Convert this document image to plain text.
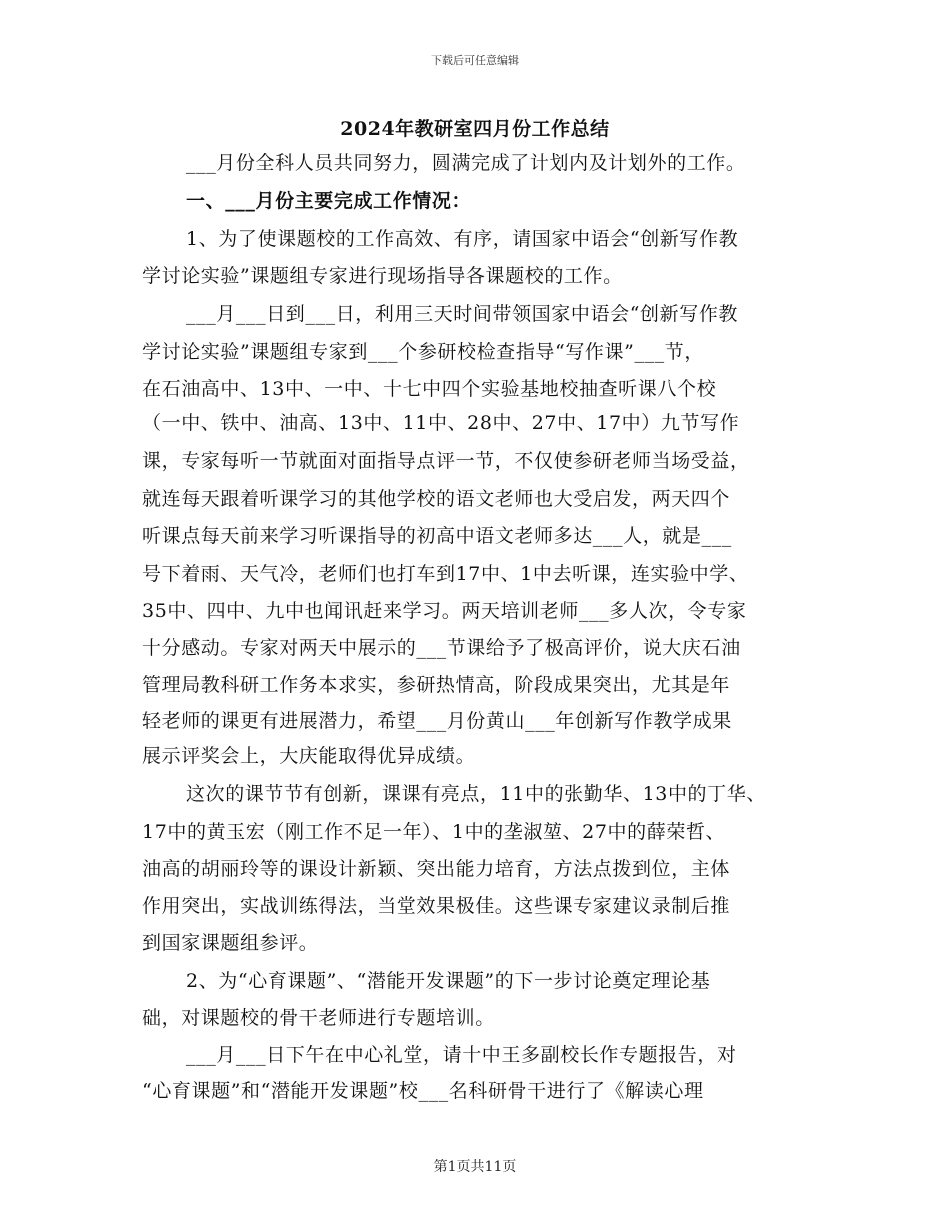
下载后可任意编辑
2024年教研室四月份工作总结
___月份全科人员共同努力，圆满完成了计划内及计划外的工作。
一、___月份主要完成工作情况：
1、为了使课题校的工作高效、有序，请国家中语会“创新写作教
学讨论实验”课题组专家进行现场指导各课题校的工作。
___月___日到___日，利用三天时间带领国家中语会“创新写作教
学讨论实验”课题组专家到___个参研校检查指导“写作课”___节，
在石油高中、13中、一中、十七中四个实验基地校抽查听课八个校
（一中、铁中、油高、13中、11中、28中、27中、17中）九节写作
课，专家每听一节就面对面指导点评一节，不仅使参研老师当场受益，
就连每天跟着听课学习的其他学校的语文老师也大受启发，两天四个
听课点每天前来学习听课指导的初高中语文老师多达___人，就是___
号下着雨、天气冷，老师们也打车到17中、1中去听课，连实验中学、
35中、四中、九中也闻讯赶来学习。两天培训老师___多人次，令专家
十分感动。专家对两天中展示的___节课给予了极高评价，说大庆石油
管理局教科研工作务本求实，参研热情高，阶段成果突出，尤其是年
轻老师的课更有进展潜力，希望___月份黄山___年创新写作教学成果
展示评奖会上，大庆能取得优异成绩。
这次的课节节有创新，课课有亮点，11中的张勤华、13中的丁华、
17中的黄玉宏（刚工作不足一年）、1中的垄淑堃、27中的薛荣哲、
油高的胡丽玲等的课设计新颖、突出能力培育，方法点拨到位，主体
作用突出，实战训练得法，当堂效果极佳。这些课专家建议录制后推
到国家课题组参评。
2、为“心育课题”、“潜能开发课题”的下一步讨论奠定理论基
础，对课题校的骨干老师进行专题培训。
___月___日下午在中心礼堂，请十中王多副校长作专题报告，对
“心育课题”和“潜能开发课题”校___名科研骨干进行了《解读心理
第1页共11页
